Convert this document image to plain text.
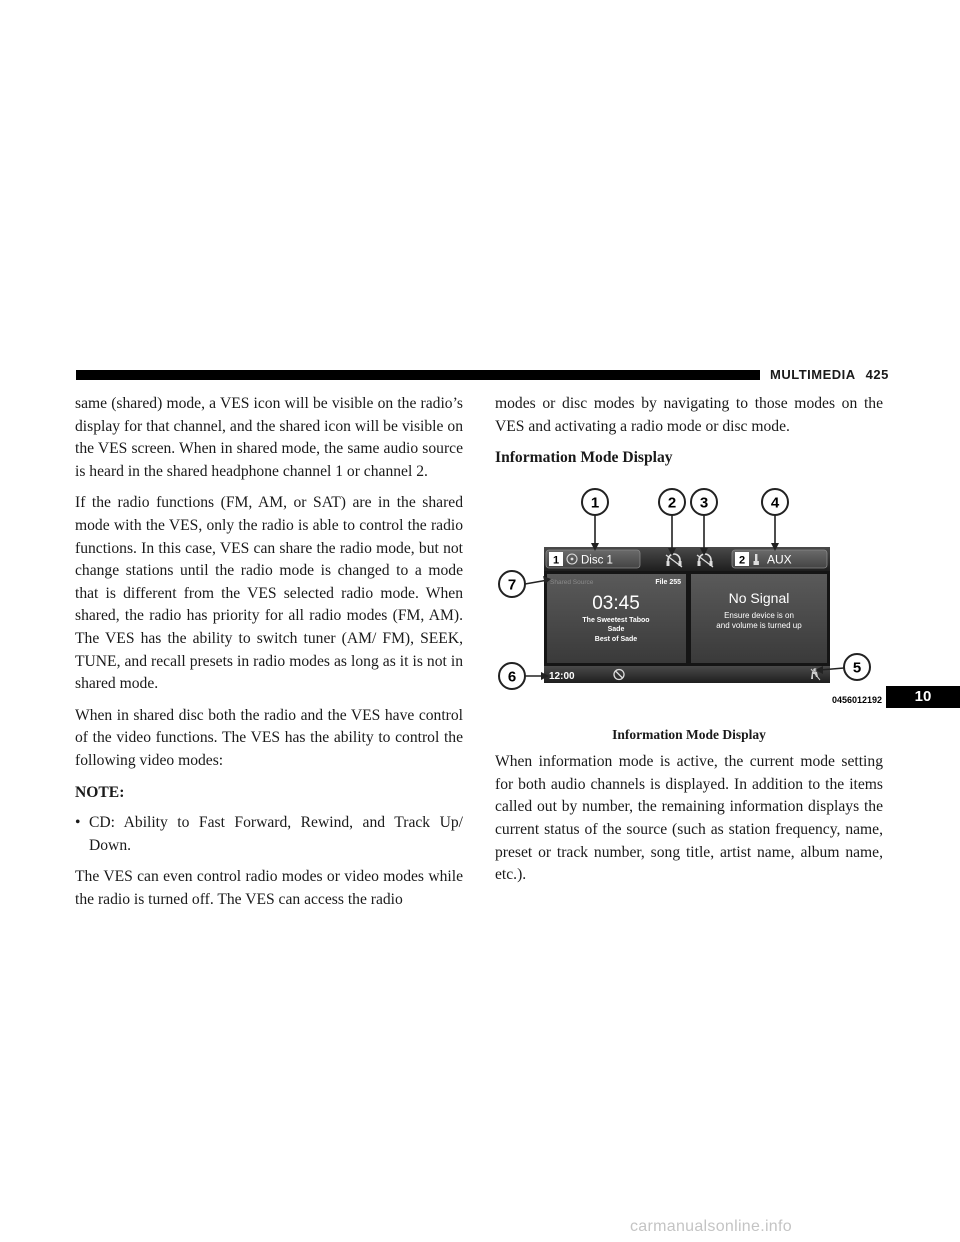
MULTIMEDIA 425

same (shared) mode, a VES icon will be visible on the radio’s display for that channel, and the shared icon will be visible on the VES screen. When in shared mode, the same audio source is heard in the shared headphone channel 1 or channel 2.

If the radio functions (FM, AM, or SAT) are in the shared mode with the VES, only the radio is able to control the radio functions. In this case, VES can share the radio mode, but not change stations until the radio mode is changed to a mode that is different from the VES selected radio mode. When shared, the radio has priority for all radio modes (FM, AM). The VES has the ability to switch tuner (AM/ FM), SEEK, TUNE, and recall presets in radio modes as long as it is not in shared mode.

When in shared disc both the radio and the VES have control of the video functions. The VES has the ability to control the following video modes:

NOTE:

• CD: Ability to Fast Forward, Rewind, and Track Up/ Down.

The VES can even control radio modes or video modes while the radio is turned off. The VES can access the radio

modes or disc modes by navigating to those modes on the VES and activating a radio mode or disc mode.

Information Mode Display
1 Disc 1	2 AUX
Shared Source	File 255
03:45
The Sweetest Taboo
Sade
Best of Sade
No Signal
Ensure device is on
and volume is turned up
12:00
1	2 3	4
5
6
7
0456012192
Information Mode Display

When information mode is active, the current mode setting for both audio channels is displayed. In addition to the items called out by number, the remaining information displays the current status of the source (such as station frequency, name, preset or track number, song title, artist name, album name, etc.).

10
carmanualsonline.info
